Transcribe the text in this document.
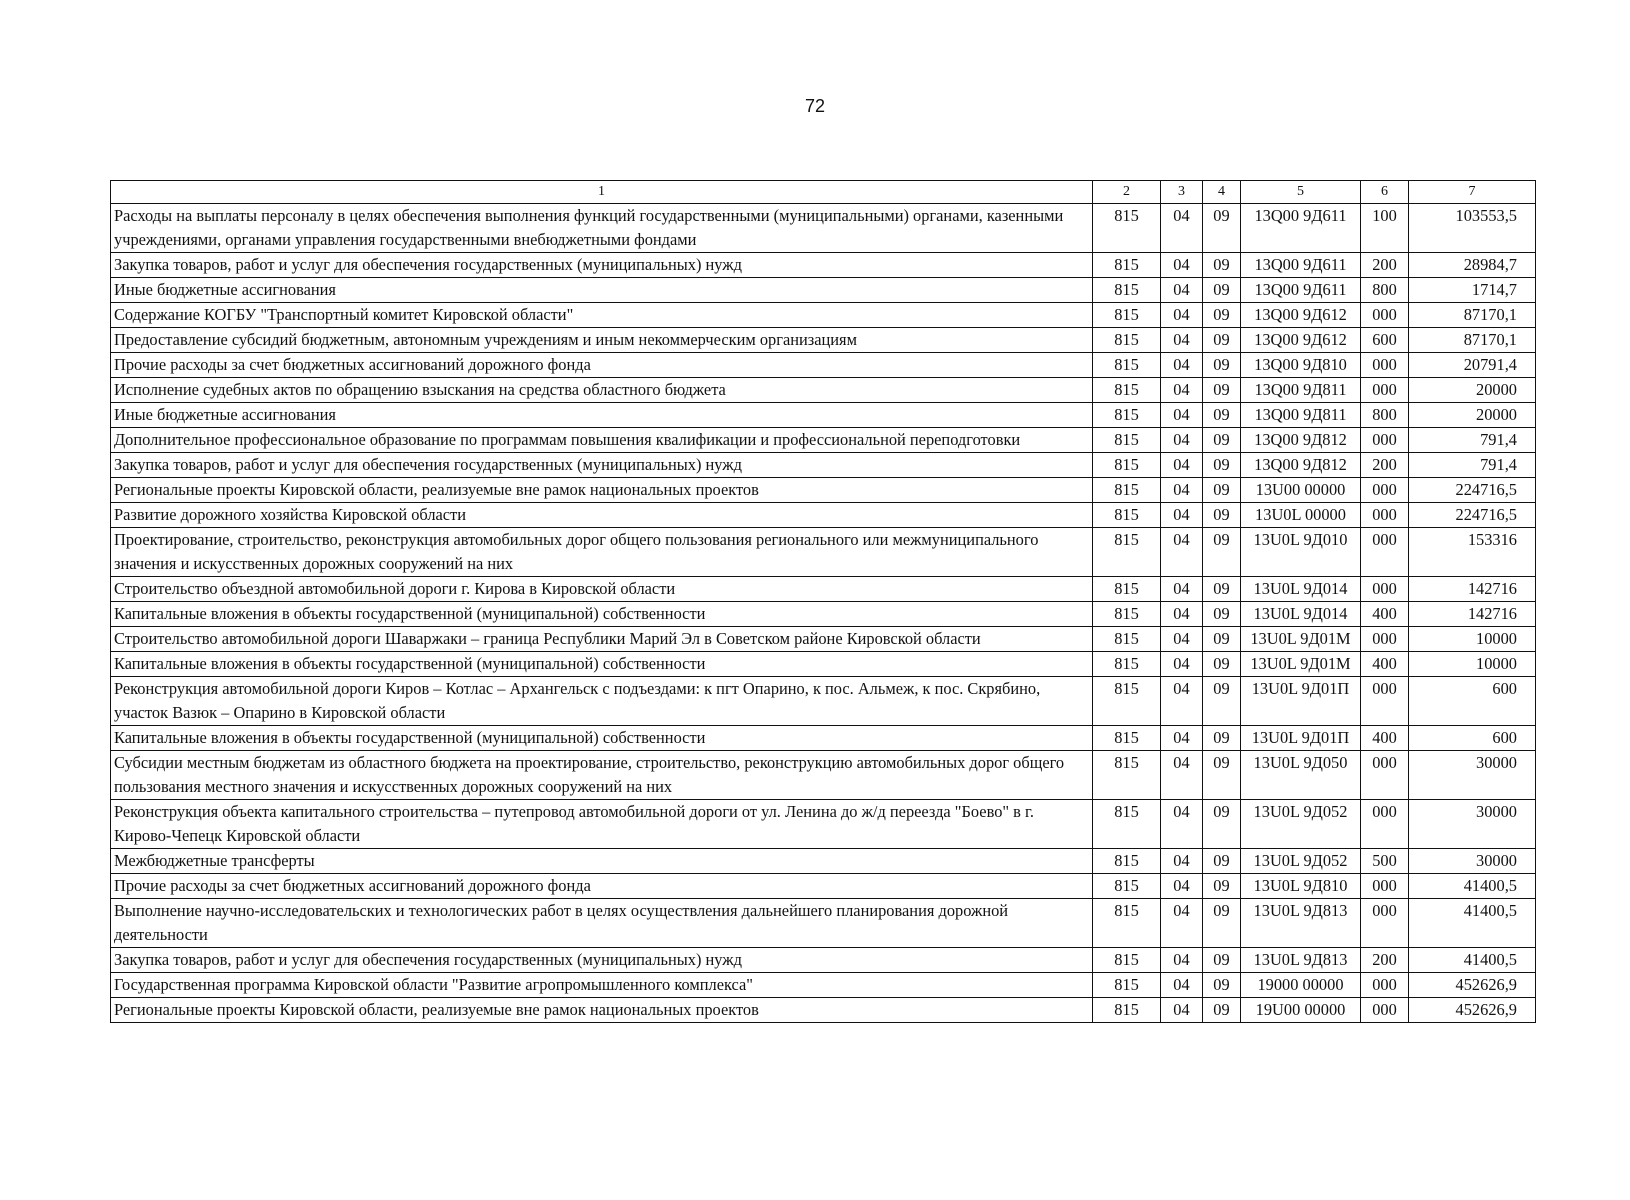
72
1	2	3	4	5	6	7
Расходы на выплаты персоналу в целях обеспечения выполнения функций государственными (муниципальными) органами, казенными учреждениями, органами управления государственными внебюджетными фондами	815	04	09	13Q00 9Д611	100	103553,5
Закупка товаров, работ и услуг для обеспечения государственных (муниципальных) нужд	815	04	09	13Q00 9Д611	200	28984,7
Иные бюджетные ассигнования	815	04	09	13Q00 9Д611	800	1714,7
Содержание КОГБУ "Транспортный комитет Кировской области"	815	04	09	13Q00 9Д612	000	87170,1
Предоставление субсидий бюджетным, автономным учреждениям и иным некоммерческим организациям	815	04	09	13Q00 9Д612	600	87170,1
Прочие расходы за счет бюджетных ассигнований дорожного фонда	815	04	09	13Q00 9Д810	000	20791,4
Исполнение судебных актов по обращению взыскания на средства областного бюджета	815	04	09	13Q00 9Д811	000	20000
Иные бюджетные ассигнования	815	04	09	13Q00 9Д811	800	20000
Дополнительное профессиональное образование по программам повышения квалификации и профессиональной переподготовки	815	04	09	13Q00 9Д812	000	791,4
Закупка товаров, работ и услуг для обеспечения государственных (муниципальных) нужд	815	04	09	13Q00 9Д812	200	791,4
Региональные проекты Кировской области, реализуемые вне рамок национальных проектов	815	04	09	13U00 00000	000	224716,5
Развитие дорожного хозяйства Кировской области	815	04	09	13U0L 00000	000	224716,5
Проектирование, строительство, реконструкция автомобильных дорог общего пользования регионального или межмуниципального значения и искусственных дорожных сооружений на них	815	04	09	13U0L 9Д010	000	153316
Строительство объездной автомобильной дороги г. Кирова в Кировской области	815	04	09	13U0L 9Д014	000	142716
Капитальные вложения в объекты государственной (муниципальной) собственности	815	04	09	13U0L 9Д014	400	142716
Строительство автомобильной дороги Шаваржаки – граница Республики Марий Эл в Советском районе Кировской области	815	04	09	13U0L 9Д01М	000	10000
Капитальные вложения в объекты государственной (муниципальной) собственности	815	04	09	13U0L 9Д01М	400	10000
Реконструкция автомобильной дороги Киров – Котлас – Архангельск с подъездами: к пгт Опарино, к пос. Альмеж, к пос. Скрябино, участок Вазюк – Опарино в Кировской области	815	04	09	13U0L 9Д01П	000	600
Капитальные вложения в объекты государственной (муниципальной) собственности	815	04	09	13U0L 9Д01П	400	600
Субсидии местным бюджетам из областного бюджета на проектирование, строительство, реконструкцию автомобильных дорог общего пользования местного значения и искусственных дорожных сооружений на них	815	04	09	13U0L 9Д050	000	30000
Реконструкция объекта капитального строительства – путепровод автомобильной дороги от ул. Ленина до ж/д переезда "Боево" в г. Кирово-Чепецк Кировской области	815	04	09	13U0L 9Д052	000	30000
Межбюджетные трансферты	815	04	09	13U0L 9Д052	500	30000
Прочие расходы за счет бюджетных ассигнований дорожного фонда	815	04	09	13U0L 9Д810	000	41400,5
Выполнение научно-исследовательских и технологических работ в целях осуществления дальнейшего планирования дорожной деятельности	815	04	09	13U0L 9Д813	000	41400,5
Закупка товаров, работ и услуг для обеспечения государственных (муниципальных) нужд	815	04	09	13U0L 9Д813	200	41400,5
Государственная программа Кировской области "Развитие агропромышленного комплекса"	815	04	09	19000 00000	000	452626,9
Региональные проекты Кировской области, реализуемые вне рамок национальных проектов	815	04	09	19U00 00000	000	452626,9
